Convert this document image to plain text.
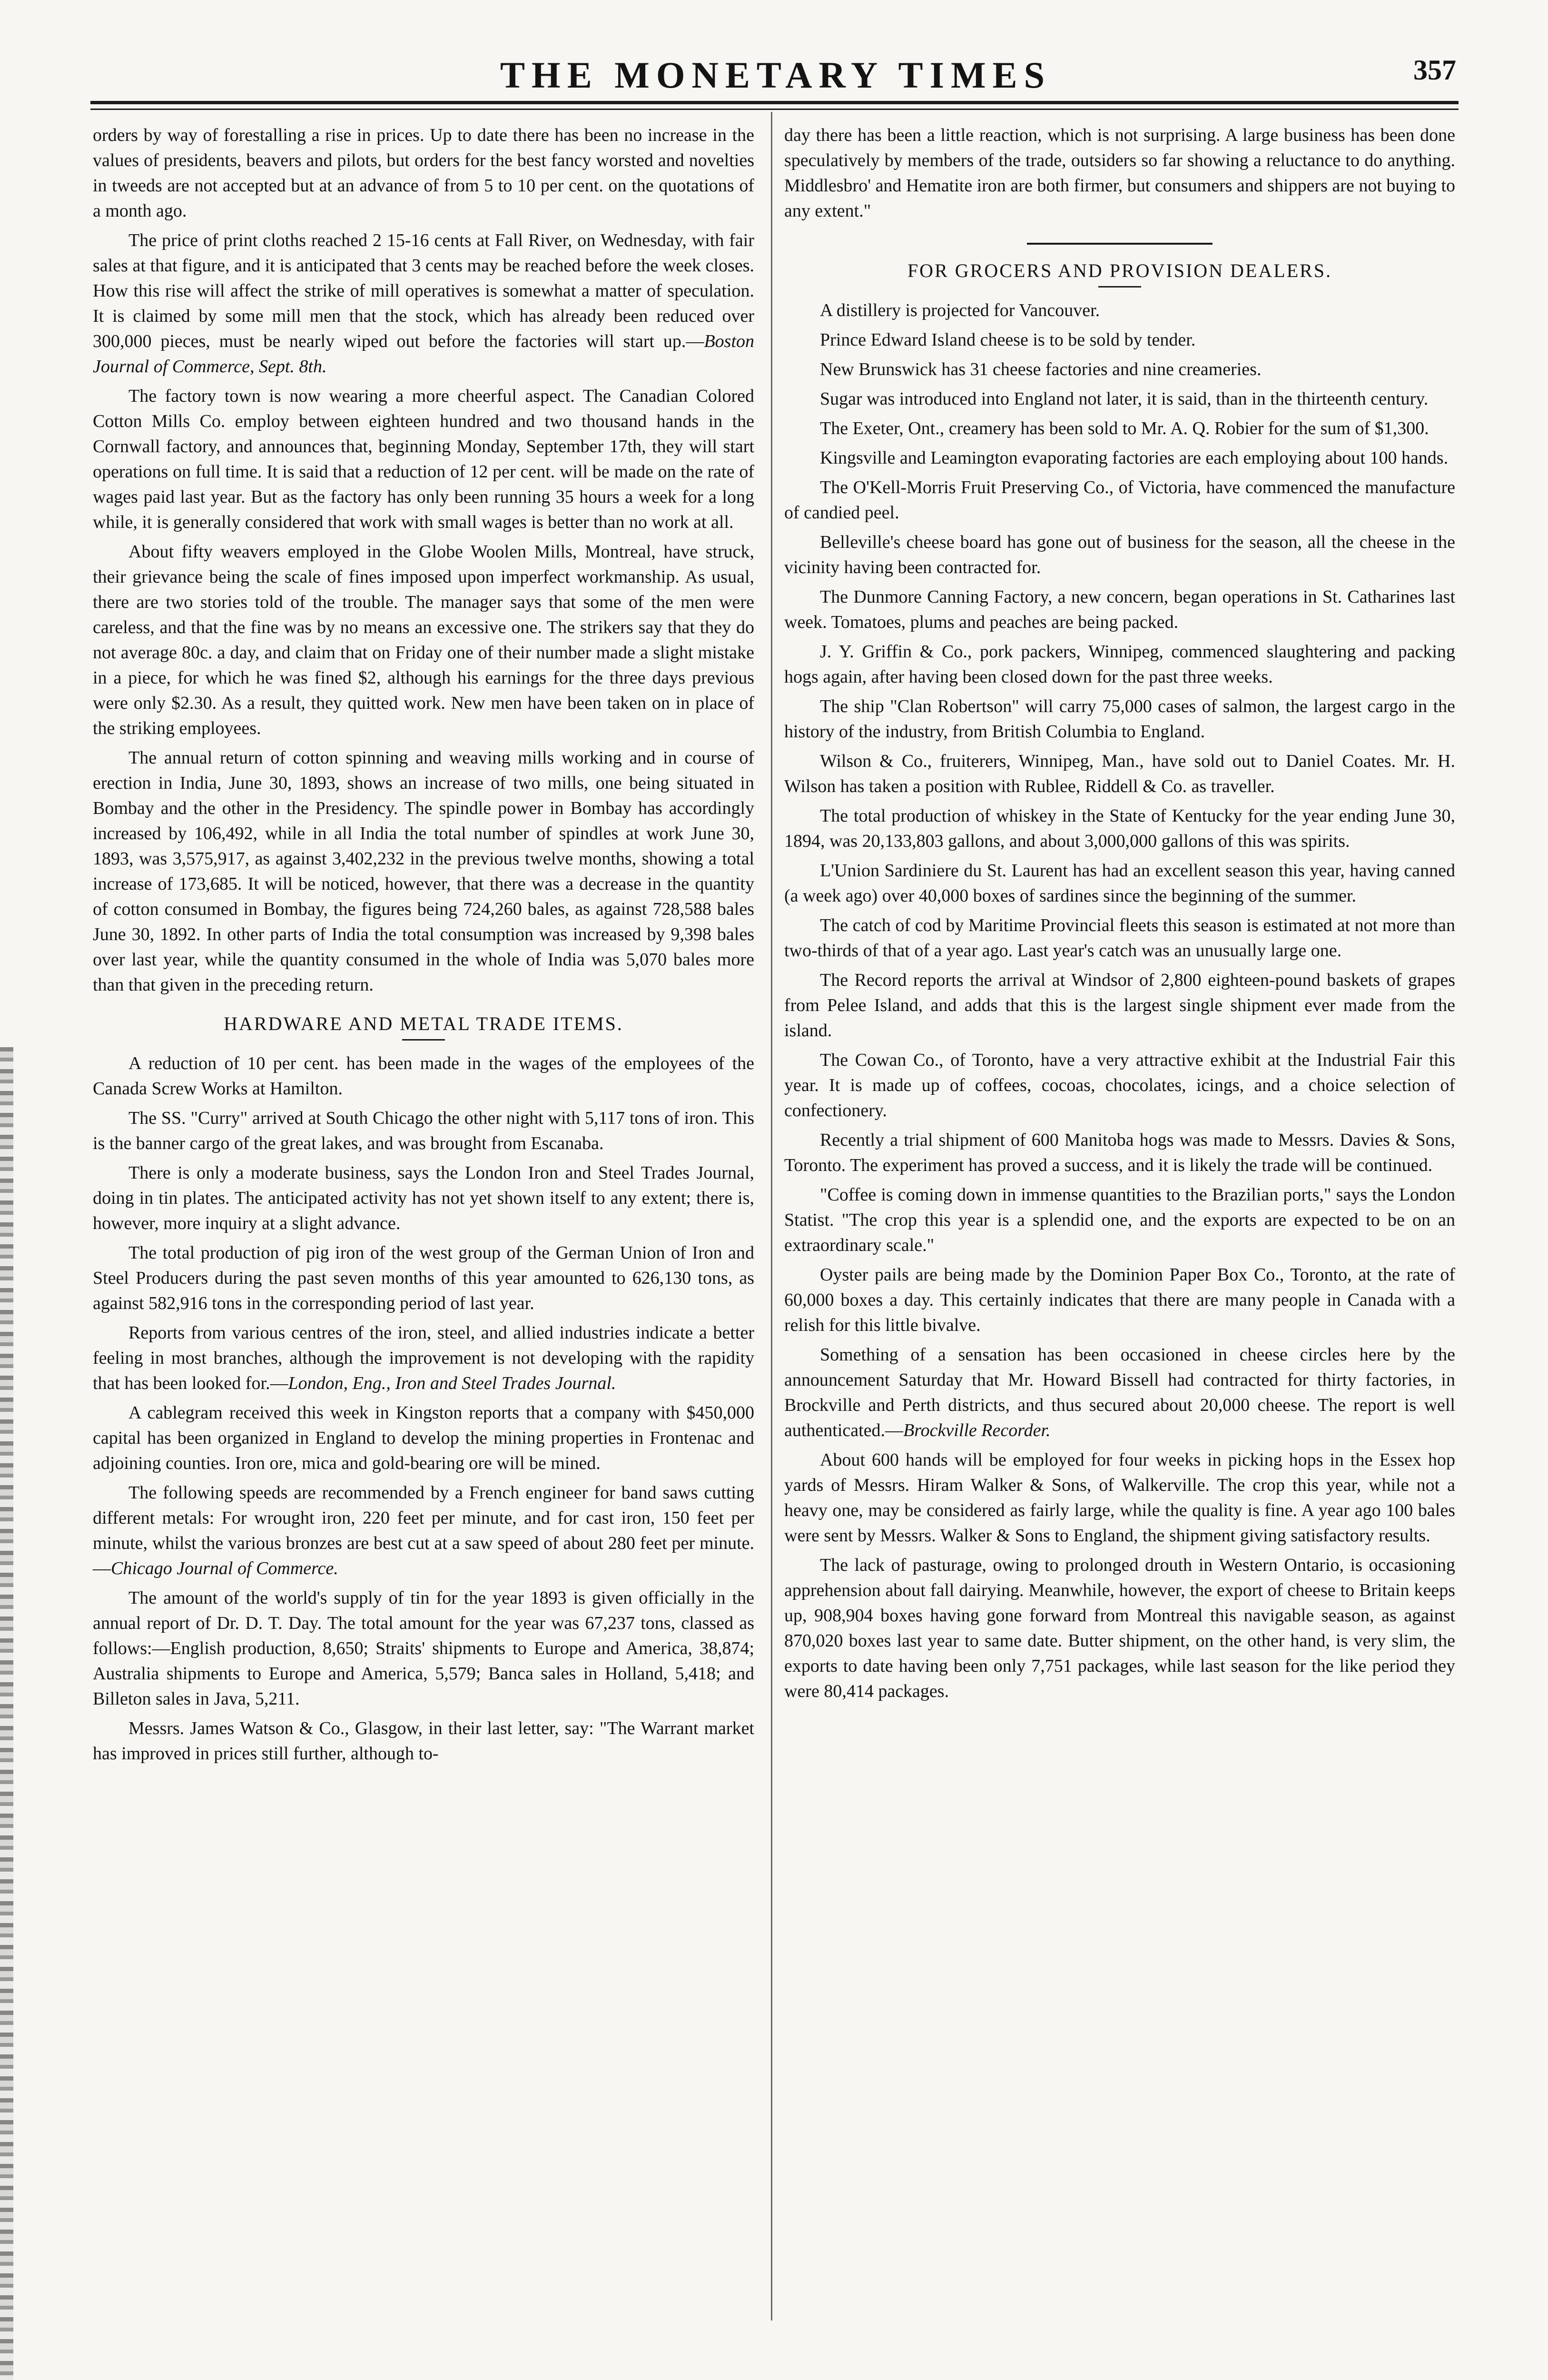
THE MONETARY TIMES	357

orders by way of forestalling a rise in prices. Up to date there has been no increase in the values of presidents, beavers and pilots, but orders for the best fancy worsted and novelties in tweeds are not accepted but at an advance of from 5 to 10 per cent. on the quotations of a month ago.

The price of print cloths reached 2 15-16 cents at Fall River, on Wednesday, with fair sales at that figure, and it is anticipated that 3 cents may be reached before the week closes. How this rise will affect the strike of mill operatives is somewhat a matter of speculation. It is claimed by some mill men that the stock, which has already been reduced over 300,000 pieces, must be nearly wiped out before the factories will start up.—Boston Journal of Commerce, Sept. 8th.

The factory town is now wearing a more cheerful aspect. The Canadian Colored Cotton Mills Co. employ between eighteen hundred and two thousand hands in the Cornwall factory, and announces that, beginning Monday, September 17th, they will start operations on full time. It is said that a reduction of 12 per cent. will be made on the rate of wages paid last year. But as the factory has only been running 35 hours a week for a long while, it is generally considered that work with small wages is better than no work at all.

About fifty weavers employed in the Globe Woolen Mills, Montreal, have struck, their grievance being the scale of fines imposed upon imperfect workmanship. As usual, there are two stories told of the trouble. The manager says that some of the men were careless, and that the fine was by no means an excessive one. The strikers say that they do not average 80c. a day, and claim that on Friday one of their number made a slight mistake in a piece, for which he was fined $2, although his earnings for the three days previous were only $2.30. As a result, they quitted work. New men have been taken on in place of the striking employees.

The annual return of cotton spinning and weaving mills working and in course of erection in India, June 30, 1893, shows an increase of two mills, one being situated in Bombay and the other in the Presidency. The spindle power in Bombay has accordingly increased by 106,492, while in all India the total number of spindles at work June 30, 1893, was 3,575,917, as against 3,402,232 in the previous twelve months, showing a total increase of 173,685. It will be noticed, however, that there was a decrease in the quantity of cotton consumed in Bombay, the figures being 724,260 bales, as against 728,588 bales June 30, 1892. In other parts of India the total consumption was increased by 9,398 bales over last year, while the quantity consumed in the whole of India was 5,070 bales more than that given in the preceding return.

HARDWARE AND METAL TRADE ITEMS.

A reduction of 10 per cent. has been made in the wages of the employees of the Canada Screw Works at Hamilton.

The SS. "Curry" arrived at South Chicago the other night with 5,117 tons of iron. This is the banner cargo of the great lakes, and was brought from Escanaba.

There is only a moderate business, says the London Iron and Steel Trades Journal, doing in tin plates. The anticipated activity has not yet shown itself to any extent; there is, however, more inquiry at a slight advance.

The total production of pig iron of the west group of the German Union of Iron and Steel Producers during the past seven months of this year amounted to 626,130 tons, as against 582,916 tons in the corresponding period of last year.

Reports from various centres of the iron, steel, and allied industries indicate a better feeling in most branches, although the improvement is not developing with the rapidity that has been looked for.—London, Eng., Iron and Steel Trades Journal.

A cablegram received this week in Kingston reports that a company with $450,000 capital has been organized in England to develop the mining properties in Frontenac and adjoining counties. Iron ore, mica and gold-bearing ore will be mined.

The following speeds are recommended by a French engineer for band saws cutting different metals: For wrought iron, 220 feet per minute, and for cast iron, 150 feet per minute, whilst the various bronzes are best cut at a saw speed of about 280 feet per minute.—Chicago Journal of Commerce.

The amount of the world's supply of tin for the year 1893 is given officially in the annual report of Dr. D. T. Day. The total amount for the year was 67,237 tons, classed as follows:—English production, 8,650; Straits' shipments to Europe and America, 38,874; Australia shipments to Europe and America, 5,579; Banca sales in Holland, 5,418; and Billeton sales in Java, 5,211.

Messrs. James Watson & Co., Glasgow, in their last letter, say: "The Warrant market has improved in prices still further, although to-

day there has been a little reaction, which is not surprising. A large business has been done speculatively by members of the trade, outsiders so far showing a reluctance to do anything. Middlesbro' and Hematite iron are both firmer, but consumers and shippers are not buying to any extent."

FOR GROCERS AND PROVISION DEALERS.

A distillery is projected for Vancouver.

Prince Edward Island cheese is to be sold by tender.

New Brunswick has 31 cheese factories and nine creameries.

Sugar was introduced into England not later, it is said, than in the thirteenth century.

The Exeter, Ont., creamery has been sold to Mr. A. Q. Robier for the sum of $1,300.

Kingsville and Leamington evaporating factories are each employing about 100 hands.

The O'Kell-Morris Fruit Preserving Co., of Victoria, have commenced the manufacture of candied peel.

Belleville's cheese board has gone out of business for the season, all the cheese in the vicinity having been contracted for.

The Dunmore Canning Factory, a new concern, began operations in St. Catharines last week. Tomatoes, plums and peaches are being packed.

J. Y. Griffin & Co., pork packers, Winnipeg, commenced slaughtering and packing hogs again, after having been closed down for the past three weeks.

The ship "Clan Robertson" will carry 75,000 cases of salmon, the largest cargo in the history of the industry, from British Columbia to England.

Wilson & Co., fruiterers, Winnipeg, Man., have sold out to Daniel Coates. Mr. H. Wilson has taken a position with Rublee, Riddell & Co. as traveller.

The total production of whiskey in the State of Kentucky for the year ending June 30, 1894, was 20,133,803 gallons, and about 3,000,000 gallons of this was spirits.

L'Union Sardiniere du St. Laurent has had an excellent season this year, having canned (a week ago) over 40,000 boxes of sardines since the beginning of the summer.

The catch of cod by Maritime Provincial fleets this season is estimated at not more than two-thirds of that of a year ago. Last year's catch was an unusually large one.

The Record reports the arrival at Windsor of 2,800 eighteen-pound baskets of grapes from Pelee Island, and adds that this is the largest single shipment ever made from the island.

The Cowan Co., of Toronto, have a very attractive exhibit at the Industrial Fair this year. It is made up of coffees, cocoas, chocolates, icings, and a choice selection of confectionery.

Recently a trial shipment of 600 Manitoba hogs was made to Messrs. Davies & Sons, Toronto. The experiment has proved a success, and it is likely the trade will be continued.

"Coffee is coming down in immense quantities to the Brazilian ports," says the London Statist. "The crop this year is a splendid one, and the exports are expected to be on an extraordinary scale."

Oyster pails are being made by the Dominion Paper Box Co., Toronto, at the rate of 60,000 boxes a day. This certainly indicates that there are many people in Canada with a relish for this little bivalve.

Something of a sensation has been occasioned in cheese circles here by the announcement Saturday that Mr. Howard Bissell had contracted for thirty factories, in Brockville and Perth districts, and thus secured about 20,000 cheese. The report is well authenticated.—Brockville Recorder.

About 600 hands will be employed for four weeks in picking hops in the Essex hop yards of Messrs. Hiram Walker & Sons, of Walkerville. The crop this year, while not a heavy one, may be considered as fairly large, while the quality is fine. A year ago 100 bales were sent by Messrs. Walker & Sons to England, the shipment giving satisfactory results.

The lack of pasturage, owing to prolonged drouth in Western Ontario, is occasioning apprehension about fall dairying. Meanwhile, however, the export of cheese to Britain keeps up, 908,904 boxes having gone forward from Montreal this navigable season, as against 870,020 boxes last year to same date. Butter shipment, on the other hand, is very slim, the exports to date having been only 7,751 packages, while last season for the like period they were 80,414 packages.
